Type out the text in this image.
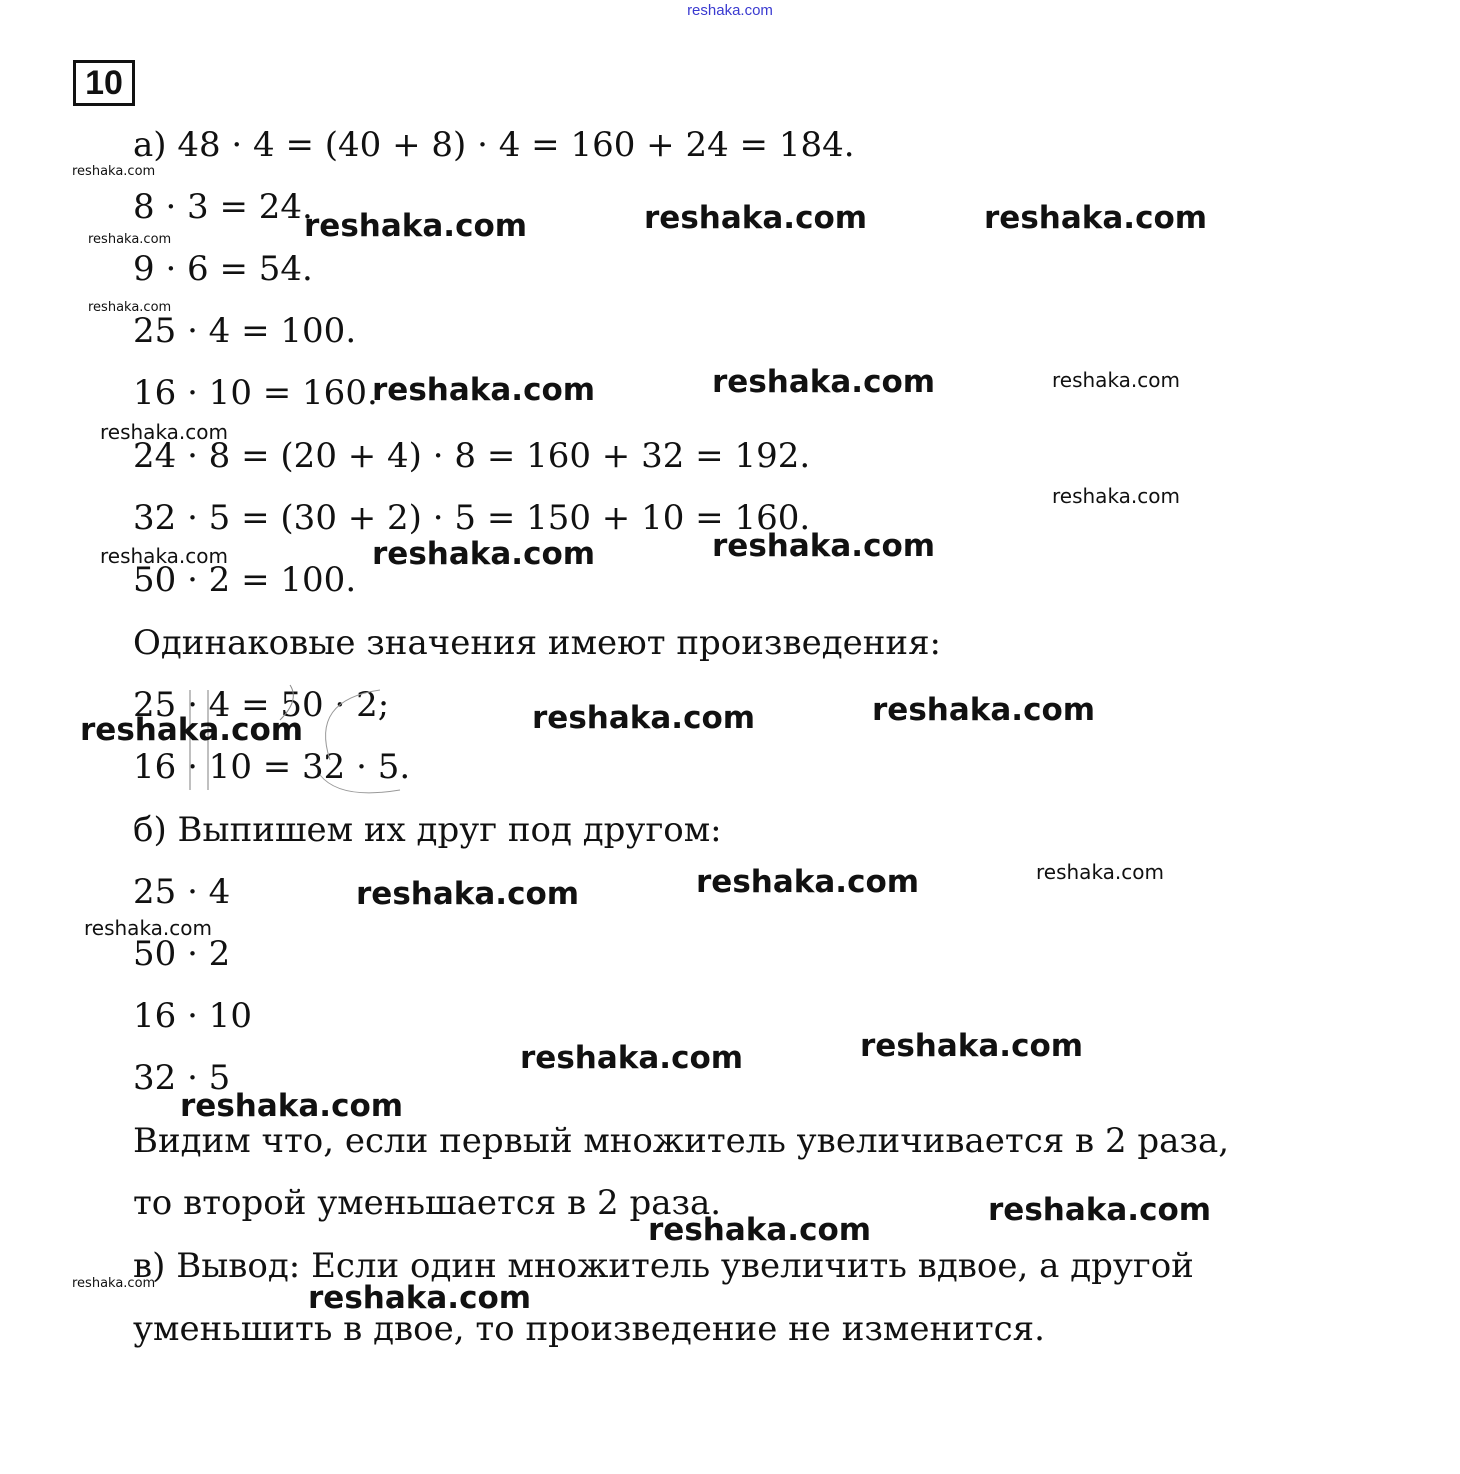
reshaka.com
10
а) 48 · 4 = (40 + 8) · 4 = 160 + 24 = 184.
8 · 3 = 24.
9 · 6 = 54.
25 · 4 = 100.
16 · 10 = 160.
24 · 8 = (20 + 4) · 8 = 160 + 32 = 192.
32 · 5 = (30 + 2) · 5 = 150 + 10 = 160.
50 · 2 = 100.
Одинаковые значения имеют произведения:
25 · 4 = 50 · 2;
16 · 10 = 32 · 5.
б) Выпишем их друг под другом:
25 · 4
50 · 2
16 · 10
32 · 5
Видим что, если первый множитель увеличивается в 2 раза,
то второй уменьшается в 2 раза.
в) Вывод: Если один множитель увеличить вдвое, а другой
уменьшить в двое, то произведение не изменится.
reshaka.com
reshaka.com
reshaka.com
reshaka.com
reshaka.com	reshaka.com	reshaka.com
reshaka.com	reshaka.com	reshaka.com
reshaka.com
reshaka.com
reshaka.com	reshaka.com	reshaka.com
reshaka.com	reshaka.com	reshaka.com
reshaka.com	reshaka.com	reshaka.com
reshaka.com
reshaka.com	reshaka.com
reshaka.com
reshaka.com
reshaka.com
reshaka.com
